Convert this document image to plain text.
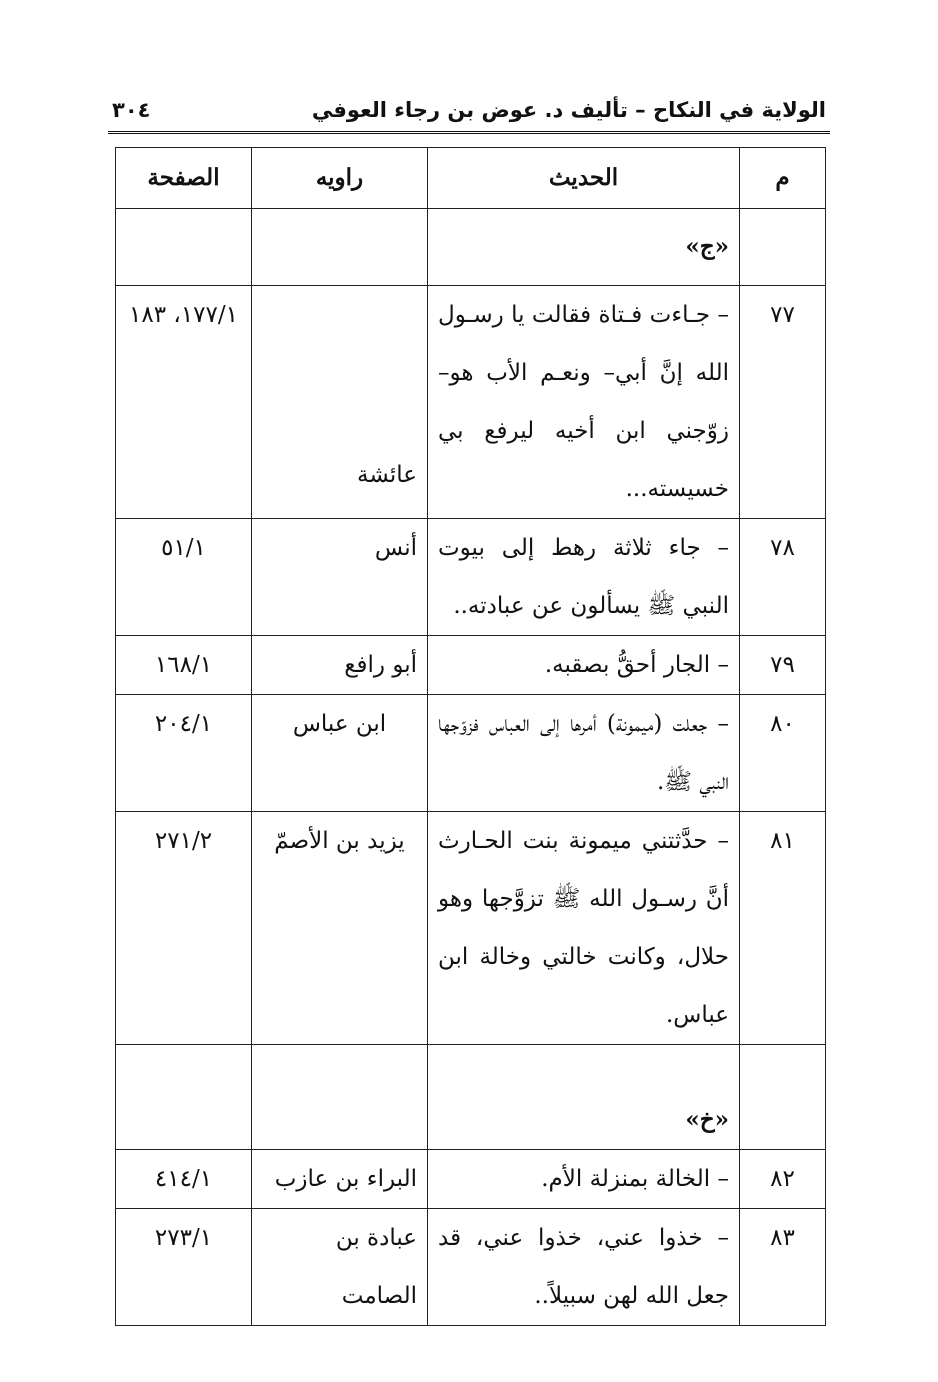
الولاية في النكاح – تأليف د. عوض بن رجاء العوفي
٣٠٤
م	الحديث	راويه	الصفحة
	«ج»		
٧٧	– جـاءت فـتاة فقالت يا رسـول الله إنَّ أبي– ونعـم الأب هو– زوّجني ابن أخيه ليرفع بي خسيسته...	عائشة	١٧٧/١، ١٨٣
٧٨	– جاء ثلاثة رهط إلى بيوت النبي ﷺ يسألون عن عبادته..	أنس	٥١/١
٧٩	– الجار أحقُّ بصقبه.	أبو رافع	١٦٨/١
٨٠	– جعلت (ميمونة) أمرها إلى العباس فزوّجها النبي ﷺ.	ابن عباس	٢٠٤/١
٨١	– حدَّثتني ميمونة بنت الحـارث أنَّ رسـول الله ﷺ تزوَّجها وهو حلال، وكانت خالتي وخالة ابن عباس.	يزيد بن الأصمّ	٢٧١/٢
	«خ»		
٨٢	– الخالة بمنزلة الأم.	البراء بن عازب	٤١٤/١
٨٣	– خذوا عني، خذوا عني، قد جعل الله لهن سبيلاً..	عبادة بن الصامت	٢٧٣/١
